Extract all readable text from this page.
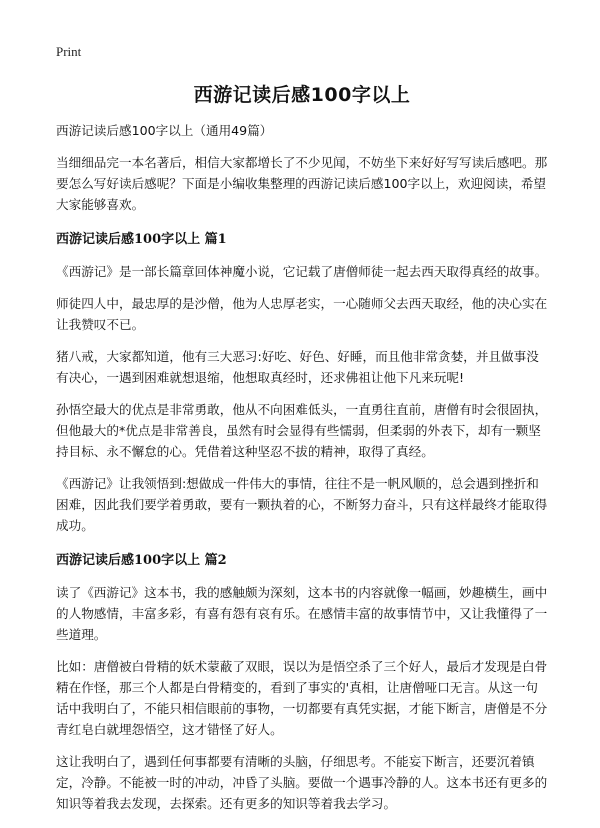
Print
西游记读后感100字以上

西游记读后感100字以上（通用49篇）

当细细品完一本名著后，相信大家都增长了不少见闻，不妨坐下来好好写写读后感吧。那要怎么写好读后感呢？下面是小编收集整理的西游记读后感100字以上，欢迎阅读，希望大家能够喜欢。

西游记读后感100字以上 篇1

《西游记》是一部长篇章回体神魔小说，它记载了唐僧师徒一起去西天取得真经的故事。

师徒四人中，最忠厚的是沙僧，他为人忠厚老实，一心随师父去西天取经，他的决心实在让我赞叹不已。

猪八戒，大家都知道，他有三大恶习:好吃、好色、好睡，而且他非常贪婪，并且做事没有决心，一遇到困难就想退缩，他想取真经时，还求佛祖让他下凡来玩呢!

孙悟空最大的优点是非常勇敢，他从不向困难低头，一直勇往直前，唐僧有时会很固执，但他最大的*优点是非常善良，虽然有时会显得有些懦弱，但柔弱的外表下，却有一颗坚持目标、永不懈怠的心。凭借着这种坚忍不拔的精神，取得了真经。

《西游记》让我领悟到:想做成一件伟大的事情，往往不是一帆风顺的，总会遇到挫折和困难，因此我们要学着勇敢，要有一颗执着的心，不断努力奋斗，只有这样最终才能取得成功。

西游记读后感100字以上 篇2

读了《西游记》这本书，我的感触颇为深刻，这本书的内容就像一幅画，妙趣横生，画中的人物感情，丰富多彩，有喜有怨有哀有乐。在感情丰富的故事情节中，又让我懂得了一些道理。

比如：唐僧被白骨精的妖术蒙蔽了双眼，误以为是悟空杀了三个好人，最后才发现是白骨精在作怪，那三个人都是白骨精变的，看到了事实的'真相，让唐僧哑口无言。从这一句话中我明白了，不能只相信眼前的事物，一切都要有真凭实据，才能下断言，唐僧是不分青红皂白就埋怨悟空，这才错怪了好人。

这让我明白了，遇到任何事都要有清晰的头脑，仔细思考。不能妄下断言，还要沉着镇定，冷静。不能被一时的冲动，冲昏了头脑。要做一个遇事冷静的人。这本书还有更多的知识等着我去发现，去探索。还有更多的知识等着我去学习。
